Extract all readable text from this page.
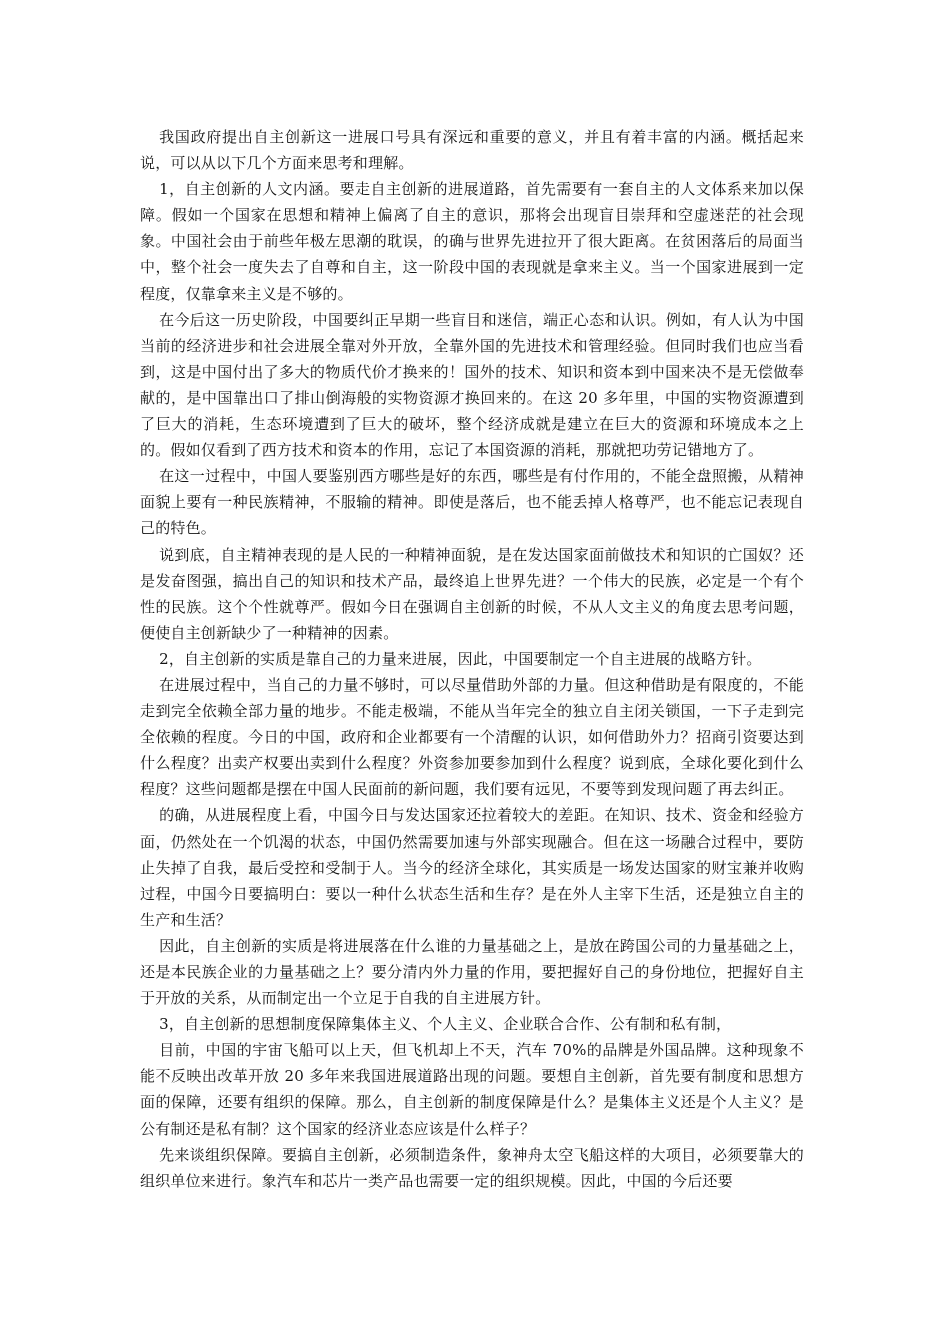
我国政府提出自主创新这一进展口号具有深远和重要的意义，并且有着丰富的内涵。概括起来说，可以从以下几个方面来思考和理解。

1，自主创新的人文内涵。要走自主创新的进展道路，首先需要有一套自主的人文体系来加以保障。假如一个国家在思想和精神上偏离了自主的意识，那将会出现盲目崇拜和空虚迷茫的社会现象。中国社会由于前些年极左思潮的耽误，的确与世界先进拉开了很大距离。在贫困落后的局面当中，整个社会一度失去了自尊和自主，这一阶段中国的表现就是拿来主义。当一个国家进展到一定程度，仅靠拿来主义是不够的。

在今后这一历史阶段，中国要纠正早期一些盲目和迷信，端正心态和认识。例如，有人认为中国当前的经济进步和社会进展全靠对外开放，全靠外国的先进技术和管理经验。但同时我们也应当看到，这是中国付出了多大的物质代价才换来的！国外的技术、知识和资本到中国来决不是无偿做奉献的，是中国靠出口了排山倒海般的实物资源才换回来的。在这 20 多年里，中国的实物资源遭到了巨大的消耗，生态环境遭到了巨大的破坏，整个经济成就是建立在巨大的资源和环境成本之上的。假如仅看到了西方技术和资本的作用，忘记了本国资源的消耗，那就把功劳记错地方了。

在这一过程中，中国人要鉴别西方哪些是好的东西，哪些是有付作用的，不能全盘照搬，从精神面貌上要有一种民族精神，不服输的精神。即使是落后，也不能丢掉人格尊严，也不能忘记表现自己的特色。

说到底，自主精神表现的是人民的一种精神面貌，是在发达国家面前做技术和知识的亡国奴？还是发奋图强，搞出自己的知识和技术产品，最终追上世界先进？一个伟大的民族，必定是一个有个性的民族。这个个性就尊严。假如今日在强调自主创新的时候，不从人文主义的角度去思考问题，便使自主创新缺少了一种精神的因素。

2，自主创新的实质是靠自己的力量来进展，因此，中国要制定一个自主进展的战略方针。

在进展过程中，当自己的力量不够时，可以尽量借助外部的力量。但这种借助是有限度的，不能走到完全依赖全部力量的地步。不能走极端，不能从当年完全的独立自主闭关锁国，一下子走到完全依赖的程度。今日的中国，政府和企业都要有一个清醒的认识，如何借助外力？招商引资要达到什么程度？出卖产权要出卖到什么程度？外资参加要参加到什么程度？说到底，全球化要化到什么程度？这些问题都是摆在中国人民面前的新问题，我们要有远见，不要等到发现问题了再去纠正。

的确，从进展程度上看，中国今日与发达国家还拉着较大的差距。在知识、技术、资金和经验方面，仍然处在一个饥渴的状态，中国仍然需要加速与外部实现融合。但在这一场融合过程中，要防止失掉了自我，最后受控和受制于人。当今的经济全球化，其实质是一场发达国家的财宝兼并收购过程，中国今日要搞明白：要以一种什么状态生活和生存？是在外人主宰下生活，还是独立自主的生产和生活？

因此，自主创新的实质是将进展落在什么谁的力量基础之上，是放在跨国公司的力量基础之上，还是本民族企业的力量基础之上？要分清内外力量的作用，要把握好自己的身份地位，把握好自主于开放的关系，从而制定出一个立足于自我的自主进展方针。

3，自主创新的思想制度保障集体主义、个人主义、企业联合合作、公有制和私有制，

目前，中国的宇宙飞船可以上天，但飞机却上不天，汽车 70%的品牌是外国品牌。这种现象不能不反映出改革开放 20 多年来我国进展道路出现的问题。要想自主创新，首先要有制度和思想方面的保障，还要有组织的保障。那么，自主创新的制度保障是什么？是集体主义还是个人主义？是公有制还是私有制？这个国家的经济业态应该是什么样子？

先来谈组织保障。要搞自主创新，必须制造条件，象神舟太空飞船这样的大项目，必须要靠大的组织单位来进行。象汽车和芯片一类产品也需要一定的组织规模。因此，中国的今后还要
